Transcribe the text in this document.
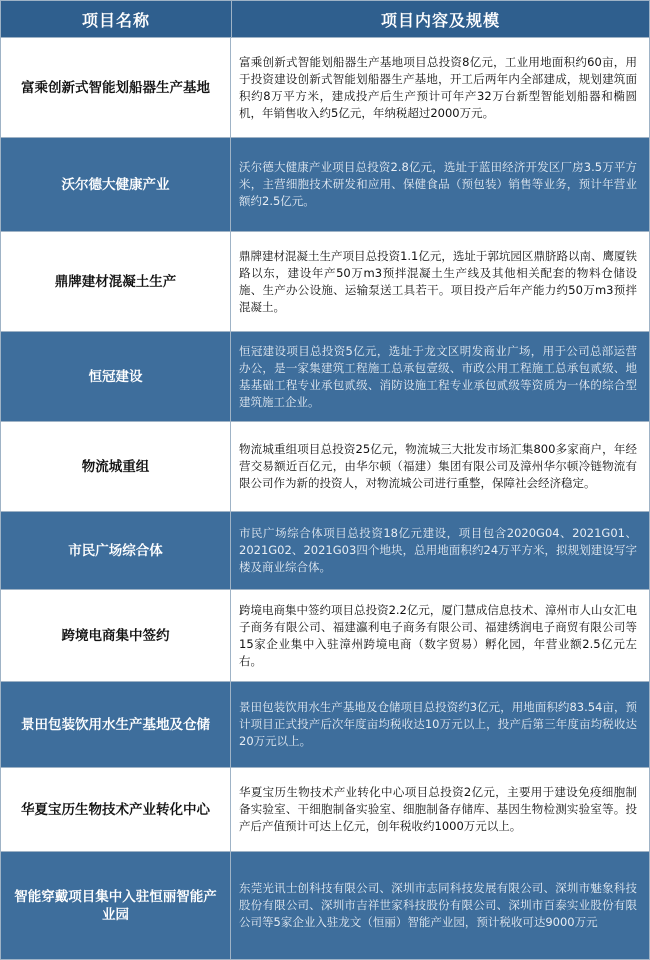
项目名称	项目内容及规模
富乘创新式智能划船器生产基地
富乘创新式智能划船器生产基地项目总投资8亿元，工业用地面积约60亩，用于投资建设创新式智能划船器生产基地，开工后两年内全部建成，规划建筑面积约8万平方米，建成投产后生产预计可年产32万台新型智能划船器和椭圆机，年销售收入约5亿元，年纳税超过2000万元。
沃尔德大健康产业
沃尔德大健康产业项目总投资2.8亿元，选址于蓝田经济开发区厂房3.5万平方米，主营细胞技术研发和应用、保健食品（预包装）销售等业务，预计年营业额约2.5亿元。
鼎牌建材混凝土生产
鼎牌建材混凝土生产项目总投资1.1亿元，选址于郭坑园区鼎脐路以南、鹰厦铁路以东，建设年产50万m3预拌混凝土生产线及其他相关配套的物料仓储设施、生产办公设施、运输泵送工具若干。项目投产后年产能力约50万m3预拌混凝土。
恒冠建设
恒冠建设项目总投资5亿元，选址于龙文区明发商业广场，用于公司总部运营办公，是一家集建筑工程施工总承包壹级、市政公用工程施工总承包贰级、地基基础工程专业承包贰级、消防设施工程专业承包贰级等资质为一体的综合型建筑施工企业。
物流城重组
物流城重组项目总投资25亿元，物流城三大批发市场汇集800多家商户，年经营交易额近百亿元，由华尔顿（福建）集团有限公司及漳州华尔顿冷链物流有限公司作为新的投资人，对物流城公司进行重整，保障社会经济稳定。
市民广场综合体
市民广场综合体项目总投资18亿元建设，项目包含2020G04、2021G01、2021G02、2021G03四个地块，总用地面积约24万平方米，拟规划建设写字楼及商业综合体。
跨境电商集中签约
跨境电商集中签约项目总投资2.2亿元，厦门慧成信息技术、漳州市人山女汇电子商务有限公司、福建瀛利电子商务有限公司、福建绣润电子商贸有限公司等15家企业集中入驻漳州跨境电商（数字贸易）孵化园，年营业额2.5亿元左右。
景田包装饮用水生产基地及仓储
景田包装饮用水生产基地及仓储项目总投资约3亿元，用地面积约83.54亩，预计项目正式投产后次年度亩均税收达10万元以上，投产后第三年度亩均税收达20万元以上。
华夏宝历生物技术产业转化中心
华夏宝历生物技术产业转化中心项目总投资2亿元，主要用于建设免疫细胞制备实验室、干细胞制备实验室、细胞制备存储库、基因生物检测实验室等。投产后产值预计可达上亿元，创年税收约1000万元以上。
智能穿戴项目集中入驻恒丽智能产业园
东莞光讯士创科技有限公司、深圳市志同科技发展有限公司、深圳市魅象科技股份有限公司、深圳市吉祥世家科技股份有限公司、深圳市百泰实业股份有限公司等5家企业入驻龙文（恒丽）智能产业园，预计税收可达9000万元
